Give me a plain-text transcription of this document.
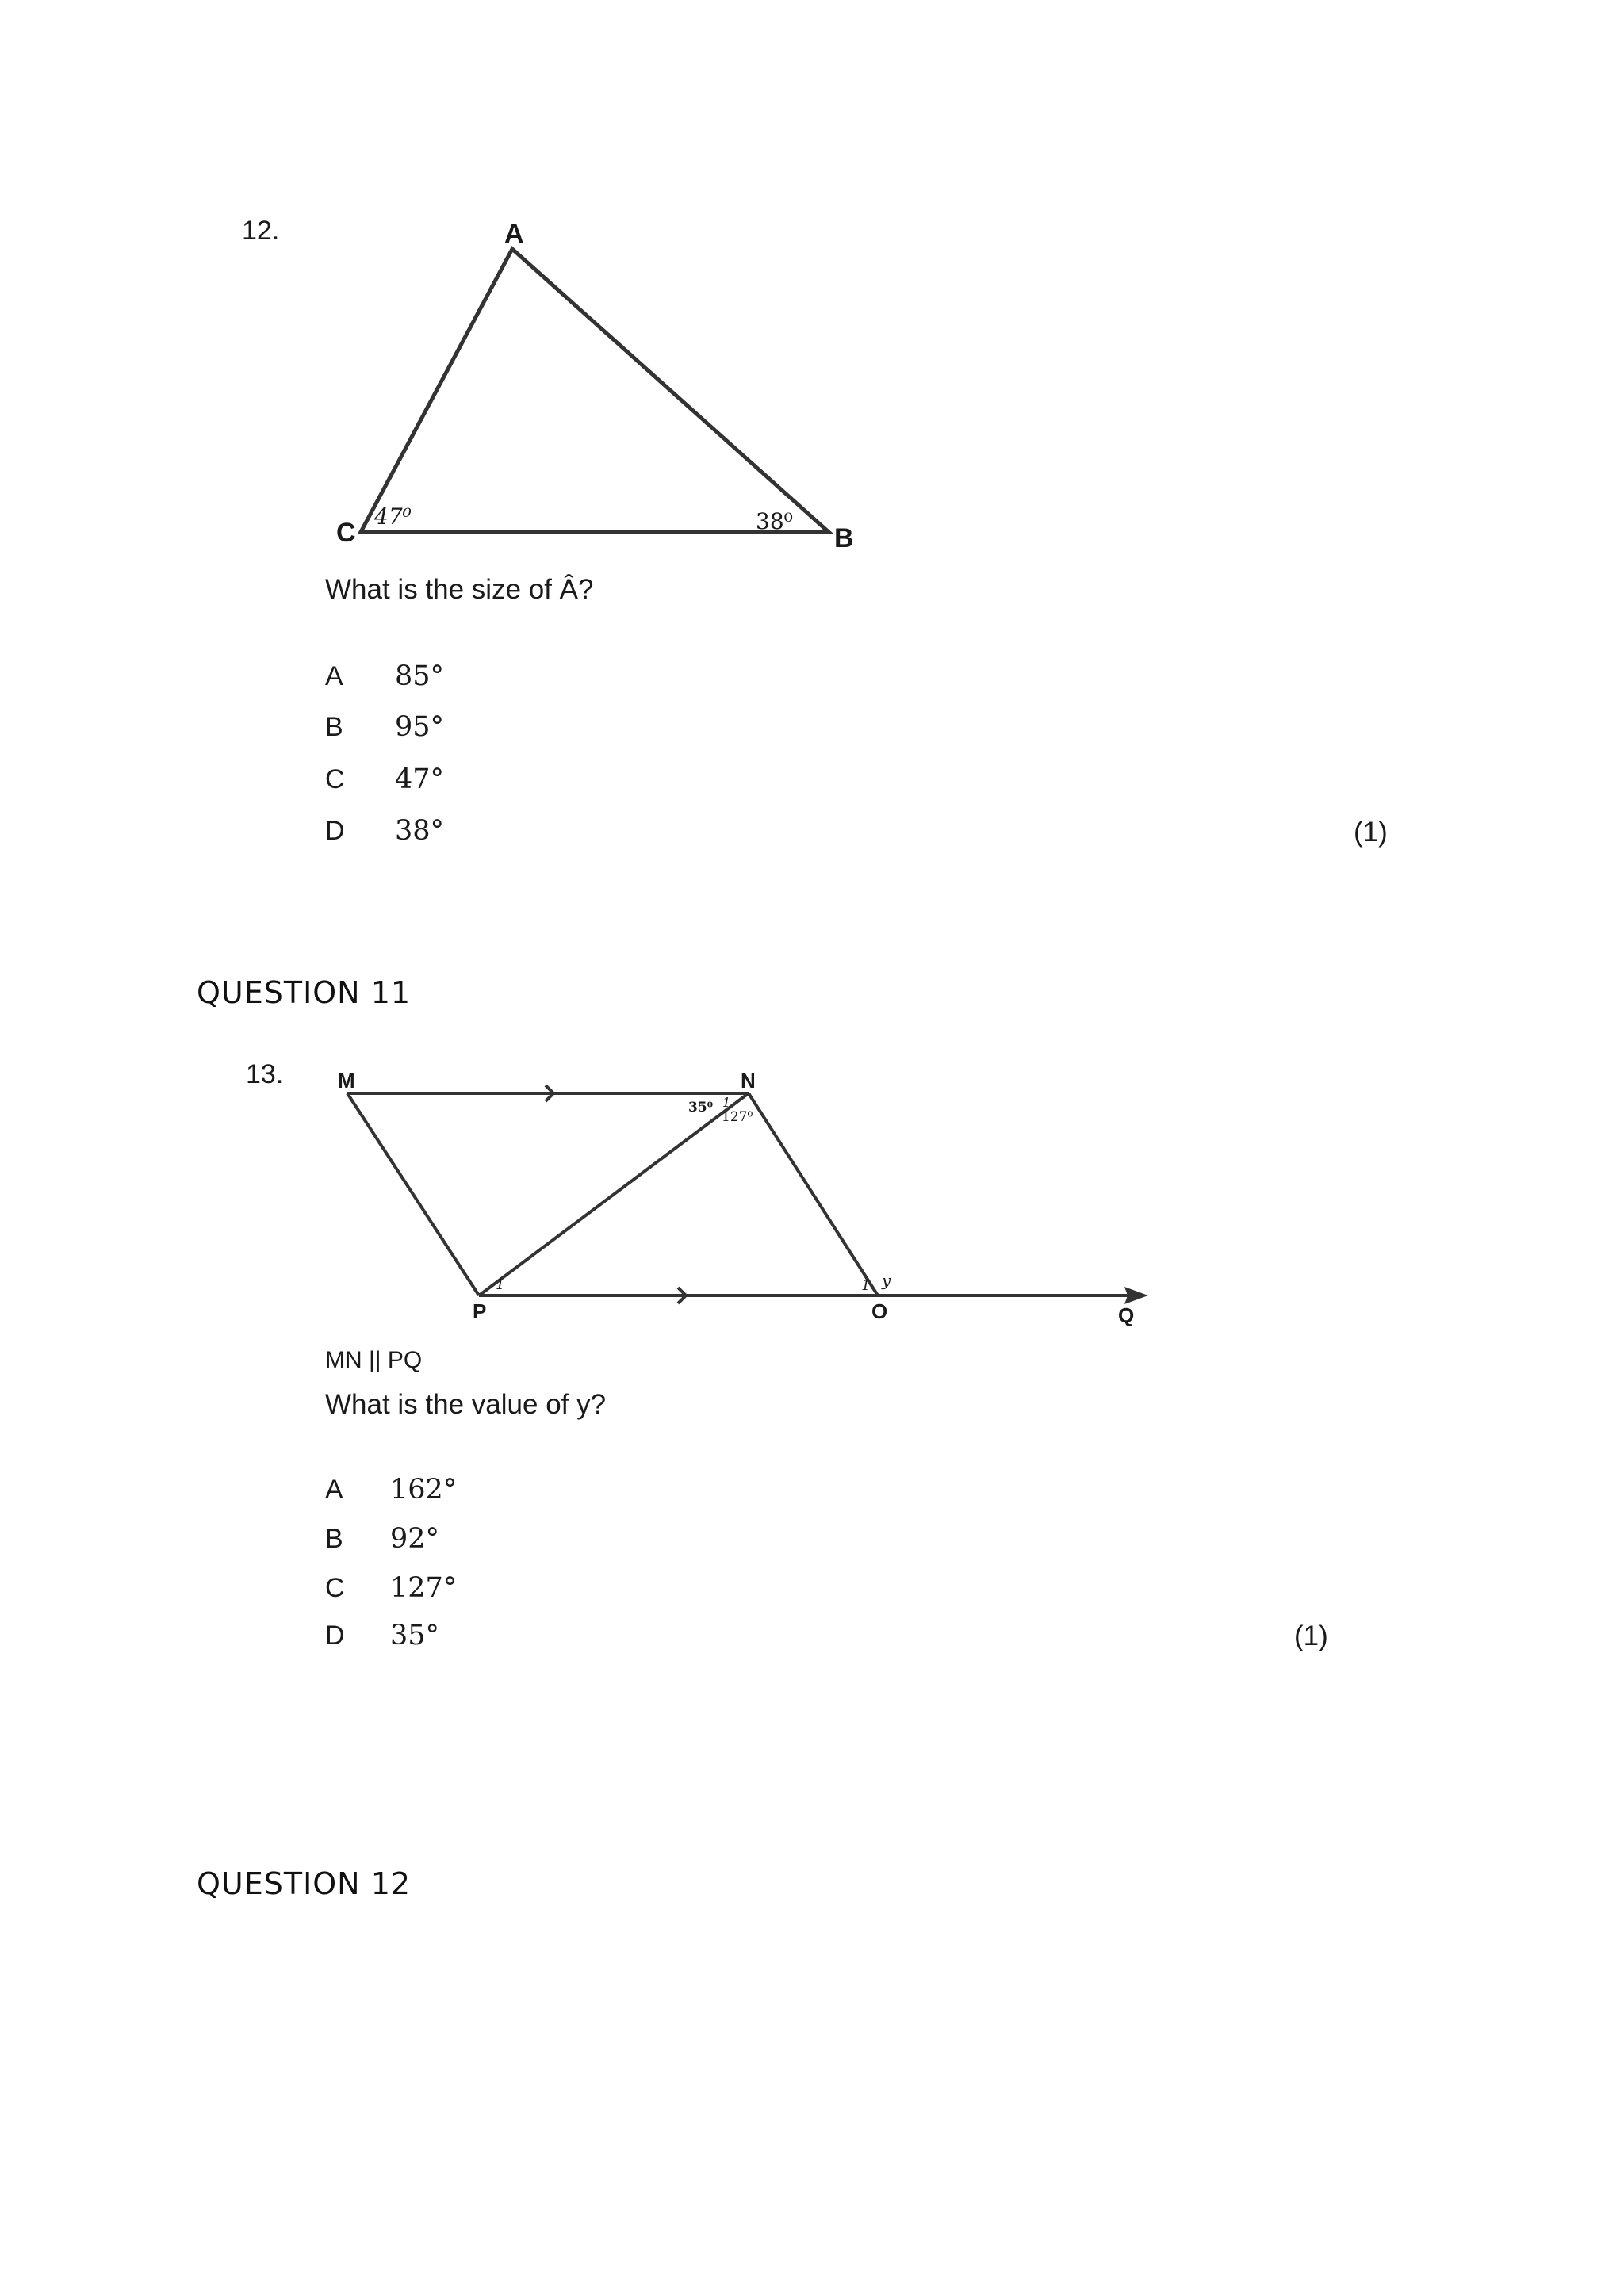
12.	A
B
C
47⁰	38⁰
What is the size of Â?
A 85°
B 95°
C 47°
D 38°	(1)
QUESTION 11
13.	M	N
P	O	Q
35⁰ 1
127⁰
1	1 y
MN || PQ
What is the value of y?
A 162°
B 92°
C 127°
D 35°	(1)
QUESTION 12
